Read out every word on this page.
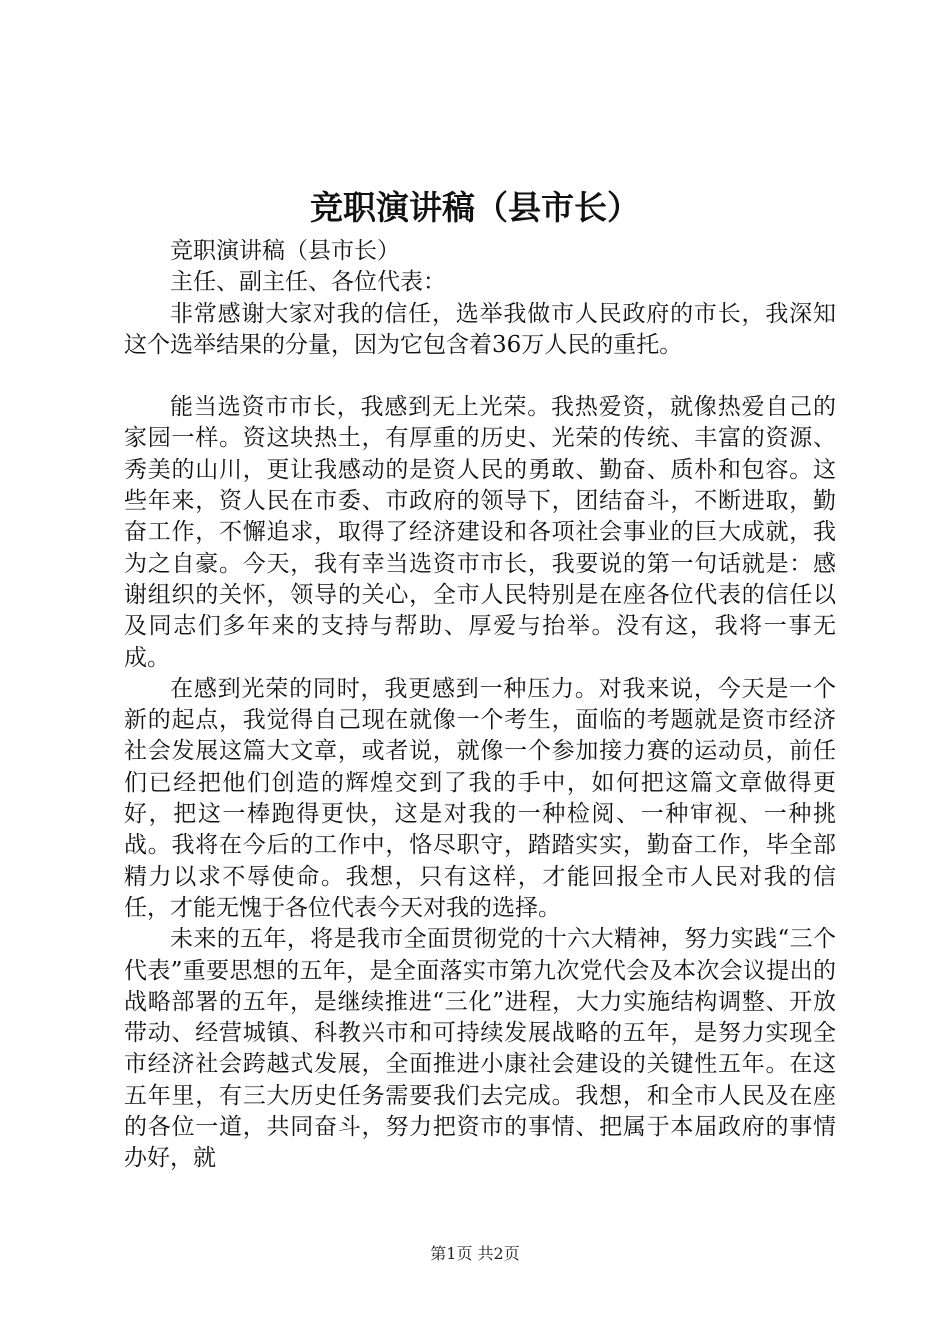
竞职演讲稿（县市长）

竞职演讲稿（县市长）

主任、副主任、各位代表：

非常感谢大家对我的信任，选举我做市人民政府的市长，我深知这个选举结果的分量，因为它包含着36万人民的重托。

能当选资市市长，我感到无上光荣。我热爱资，就像热爱自己的家园一样。资这块热土，有厚重的历史、光荣的传统、丰富的资源、秀美的山川，更让我感动的是资人民的勇敢、勤奋、质朴和包容。这些年来，资人民在市委、市政府的领导下，团结奋斗，不断进取，勤奋工作，不懈追求，取得了经济建设和各项社会事业的巨大成就，我为之自豪。今天，我有幸当选资市市长，我要说的第一句话就是：感谢组织的关怀，领导的关心，全市人民特别是在座各位代表的信任以及同志们多年来的支持与帮助、厚爱与抬举。没有这，我将一事无成。

在感到光荣的同时，我更感到一种压力。对我来说，今天是一个新的起点，我觉得自己现在就像一个考生，面临的考题就是资市经济社会发展这篇大文章，或者说，就像一个参加接力赛的运动员，前任们已经把他们创造的辉煌交到了我的手中，如何把这篇文章做得更好，把这一棒跑得更快，这是对我的一种检阅、一种审视、一种挑战。我将在今后的工作中，恪尽职守，踏踏实实，勤奋工作，毕全部精力以求不辱使命。我想，只有这样，才能回报全市人民对我的信任，才能无愧于各位代表今天对我的选择。

未来的五年，将是我市全面贯彻党的十六大精神，努力实践“三个代表”重要思想的五年，是全面落实市第九次党代会及本次会议提出的战略部署的五年，是继续推进“三化”进程，大力实施结构调整、开放带动、经营城镇、科教兴市和可持续发展战略的五年，是努力实现全市经济社会跨越式发展，全面推进小康社会建设的关键性五年。在这五年里，有三大历史任务需要我们去完成。我想，和全市人民及在座的各位一道，共同奋斗，努力把资市的事情、把属于本届政府的事情办好，就

第1页 共2页
